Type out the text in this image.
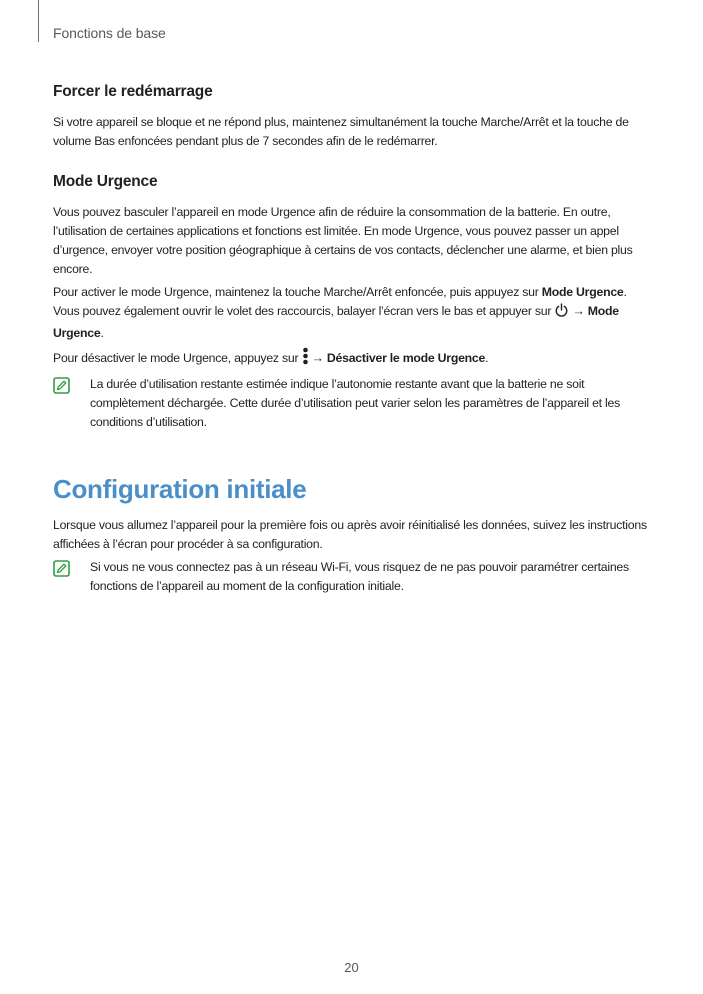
Fonctions de base
Forcer le redémarrage

Si votre appareil se bloque et ne répond plus, maintenez simultanément la touche Marche/Arrêt et la touche de volume Bas enfoncées pendant plus de 7 secondes afin de le redémarrer.

Mode Urgence

Vous pouvez basculer l’appareil en mode Urgence afin de réduire la consommation de la batterie. En outre, l’utilisation de certaines applications et fonctions est limitée. En mode Urgence, vous pouvez passer un appel d’urgence, envoyer votre position géographique à certains de vos contacts, déclencher une alarme, et bien plus encore.

Pour activer le mode Urgence, maintenez la touche Marche/Arrêt enfoncée, puis appuyez sur Mode Urgence. Vous pouvez également ouvrir le volet des raccourcis, balayer l’écran vers le bas et appuyer sur  → Mode Urgence.

Pour désactiver le mode Urgence, appuyez sur  → Désactiver le mode Urgence.

La durée d’utilisation restante estimée indique l’autonomie restante avant que la batterie ne soit complètement déchargée. Cette durée d’utilisation peut varier selon les paramètres de l’appareil et les conditions d’utilisation.
Configuration initiale

Lorsque vous allumez l’appareil pour la première fois ou après avoir réinitialisé les données, suivez les instructions affichées à l’écran pour procéder à sa configuration.

Si vous ne vous connectez pas à un réseau Wi-Fi, vous risquez de ne pas pouvoir paramétrer certaines fonctions de l’appareil au moment de la configuration initiale.
20
